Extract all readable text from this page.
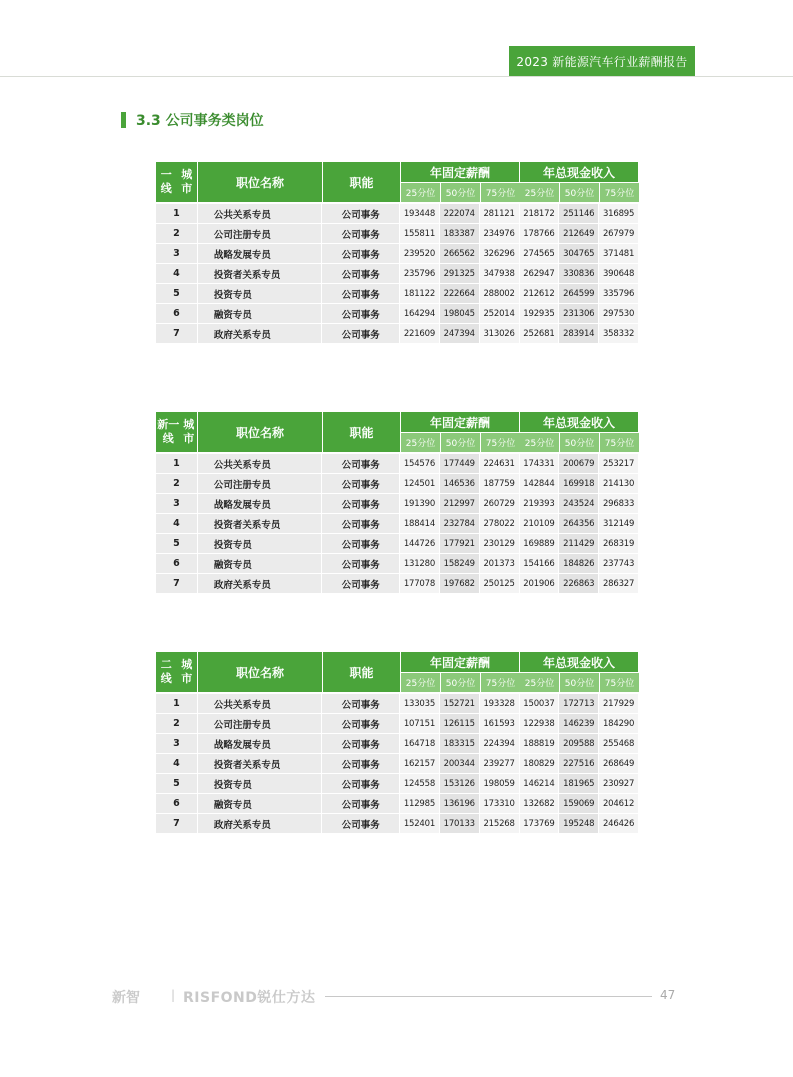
2023 新能源汽车行业薪酬报告
3.3 公司事务类岗位
一线

城市	职位名称	职能
年固定薪酬	年总现金收入
25分位	50分位	75分位	25分位	50分位	75分位
1	公共关系专员	公司事务	193448	222074	281121	218172	251146	316895
2	公司注册专员	公司事务	155811	183387	234976	178766	212649	267979
3	战略发展专员	公司事务	239520	266562	326296	274565	304765	371481
4	投资者关系专员	公司事务	235796	291325	347938	262947	330836	390648
5	投资专员	公司事务	181122	222664	288002	212612	264599	335796
6	融资专员	公司事务	164294	198045	252014	192935	231306	297530
7	政府关系专员	公司事务	221609	247394	313026	252681	283914	358332
新一线

城市	职位名称	职能
年固定薪酬	年总现金收入
25分位	50分位	75分位	25分位	50分位	75分位
1	公共关系专员	公司事务	154576	177449	224631	174331	200679	253217
2	公司注册专员	公司事务	124501	146536	187759	142844	169918	214130
3	战略发展专员	公司事务	191390	212997	260729	219393	243524	296833
4	投资者关系专员	公司事务	188414	232784	278022	210109	264356	312149
5	投资专员	公司事务	144726	177921	230129	169889	211429	268319
6	融资专员	公司事务	131280	158249	201373	154166	184826	237743
7	政府关系专员	公司事务	177078	197682	250125	201906	226863	286327
二线

城市	职位名称	职能
年固定薪酬	年总现金收入
25分位	50分位	75分位	25分位	50分位	75分位
1	公共关系专员	公司事务	133035	152721	193328	150037	172713	217929
2	公司注册专员	公司事务	107151	126115	161593	122938	146239	184290
3	战略发展专员	公司事务	164718	183315	224394	188819	209588	255468
4	投资者关系专员	公司事务	162157	200344	239277	180829	227516	268649
5	投资专员	公司事务	124558	153126	198059	146214	181965	230927
6	融资专员	公司事务	112985	136196	173310	132682	159069	204612
7	政府关系专员	公司事务	152401	170133	215268	173769	195248	246426
新智	| RISFOND锐仕方达	47
